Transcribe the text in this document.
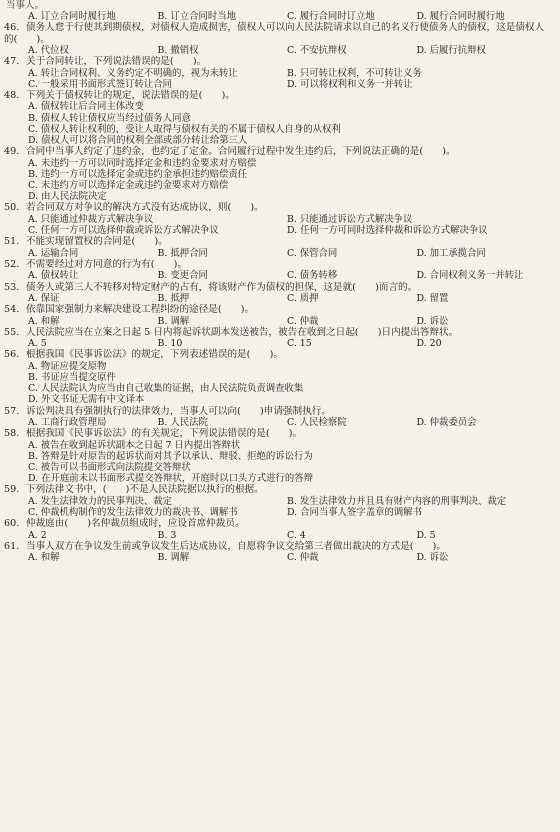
当事人。
A. 订立合同时履行地	B. 订立合同时当地	C. 履行合同时订立地	D. 履行合同时履行地

46. 债务人怠于行使其到期债权，对债权人造成损害，债权人可以向人民法院请求以自己的名义行使债务人的债权，这是债权人的(　　)。

A. 代位权	B. 撤销权	C. 不安抗辩权	D. 后履行抗辩权

47. 关于合同转让，下列说法错误的是(　　)。

A. 转让合同权利、义务约定不明确的，视为未转让	B. 只可转让权利，不可转让义务
C. 一般采用书面形式签订转让合同	D. 可以将权利和义务一并转让

48. 下列关于债权转让的规定，说法错误的是(　　)。

A. 债权转让后合同主体改变
B. 债权人转让债权应当经过债务人同意
C. 债权人转让权利的，受让人取得与债权有关的不属于债权人自身的从权利
D. 债权人可以将合同的权利全部或部分转让给第三人

49. 合同中当事人约定了违约金，也约定了定金。合同履行过程中发生违约后，下列说法正确的是(　　)。

A. 未违约一方可以同时选择定金和违约金要求对方赔偿
B. 违约一方可以选择定金或违约金承担违约赔偿责任
C. 未违约方可以选择定金或违约金要求对方赔偿
D. 由人民法院决定

50. 若合同双方对争议的解决方式没有达成协议，则(　　)。

A. 只能通过仲裁方式解决争议	B. 只能通过诉讼方式解决争议
C. 任何一方可以选择仲裁或诉讼方式解决争议	D. 任何一方可同时选择仲裁和诉讼方式解决争议

51. 不能实现留置权的合同是(　　)。

A. 运输合同	B. 抵押合同	C. 保管合同	D. 加工承揽合同

52. 不需要经过对方同意的行为有(　　)。

A. 债权转让	B. 变更合同	C. 债务转移	D. 合同权利义务一并转让

53. 债务人或第三人不转移对特定财产的占有，将该财产作为债权的担保，这是就(　　)而言的。

A. 保证	B. 抵押	C. 质押	D. 留置

54. 依靠国家强制力来解决建设工程纠纷的途径是(　　)。

A. 和解	B. 调解	C. 仲裁	D. 诉讼

55. 人民法院应当在立案之日起 5 日内将起诉状副本发送被告，被告在收到之日起(　　)日内提出答辩状。

A. 5	B. 10	C. 15	D. 20

56. 根据我国《民事诉讼法》的规定，下列表述错误的是(　　)。

A. 物证应提交原物
B. 书证应当提交原件
C. 人民法院认为应当由自己收集的证据，由人民法院负责调查收集
D. 外文书证无需有中文译本

57. 诉讼判决具有强制执行的法律效力，当事人可以向(　　)申请强制执行。

A. 工商行政管理局	B. 人民法院	C. 人民检察院	D. 仲裁委员会

58. 根据我国《民事诉讼法》的有关规定，下列说法错误的是(　　)。

A. 被告在收到起诉状副本之日起 7 日内提出答辩状
B. 答辩是针对原告的起诉状而对其予以承认、辩驳、拒绝的诉讼行为
C. 被告可以书面形式向法院提交答辩状
D. 在开庭前未以书面形式提交答辩状，开庭时以口头方式进行的答辩

59. 下列法律文书中，(　　)不是人民法院据以执行的根据。

A. 发生法律效力的民事判决、裁定	B. 发生法律效力并且具有财产内容的刑事判决、裁定
C. 仲裁机构制作的发生法律效力的裁决书、调解书	D. 合同当事人签字盖章的调解书

60. 仲裁庭由(　　)名仲裁员组成时，应设首席仲裁员。

A. 2	B. 3	C. 4	D. 5

61. 当事人双方在争议发生前或争议发生后达成协议，自愿将争议交给第三者做出裁决的方式是(　　)。

A. 和解	B. 调解	C. 仲裁	D. 诉讼
